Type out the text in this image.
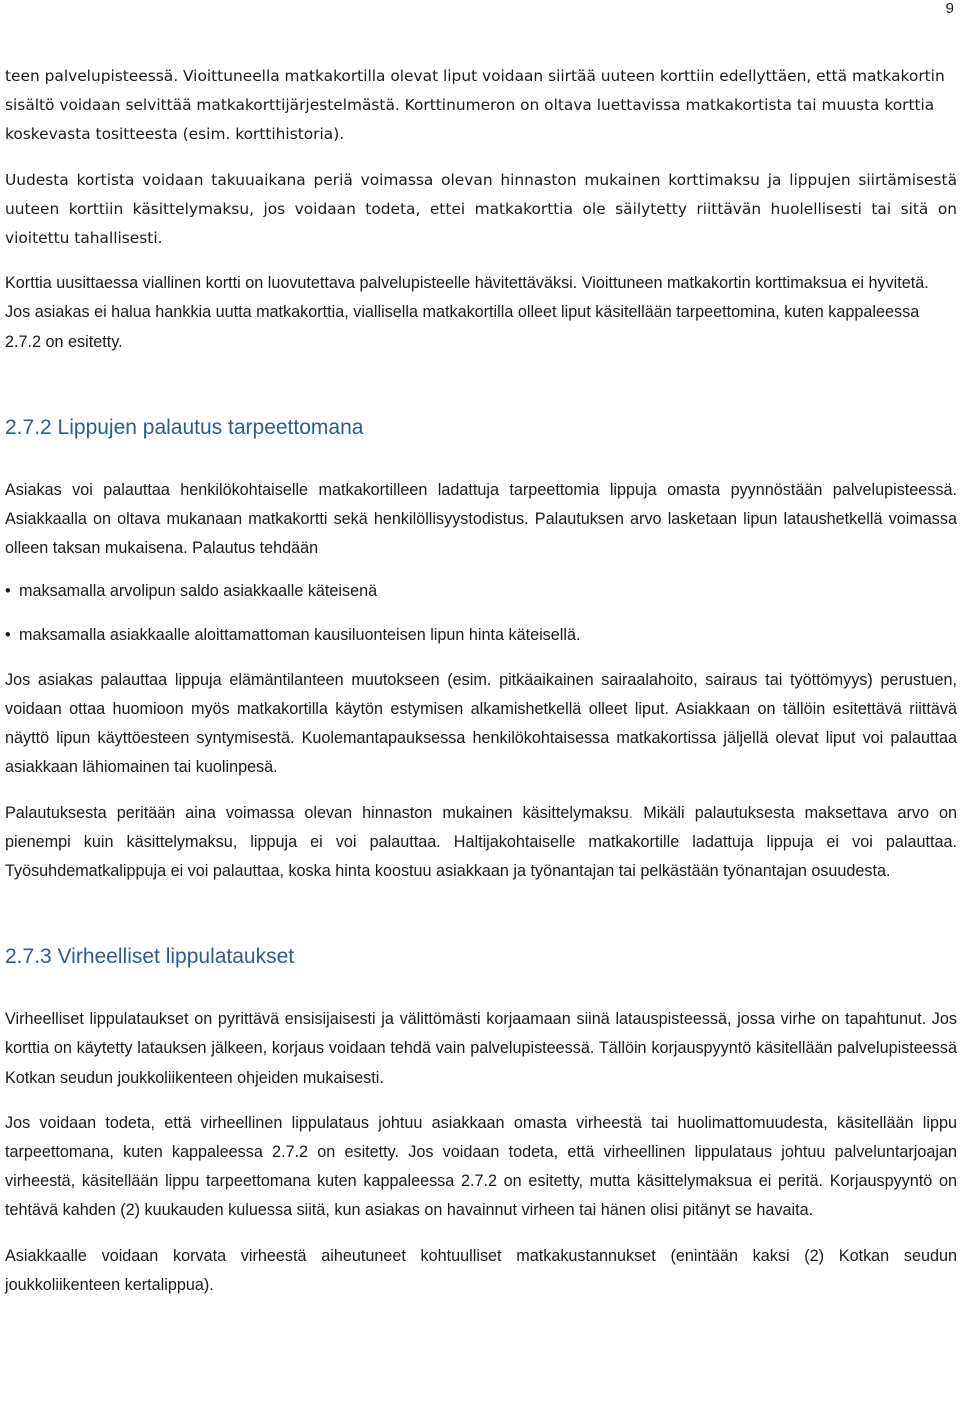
9

teen palvelupisteessä. Vioittuneella matkakortilla olevat liput voidaan siirtää uuteen korttiin edellyttäen, että matkakortin sisältö voidaan selvittää matkakorttijärjestelmästä. Korttinumeron on oltava luettavissa matkakortista tai muusta korttia koskevasta tositteesta (esim. korttihistoria).

Uudesta kortista voidaan takuuaikana periä voimassa olevan hinnaston mukainen korttimaksu ja lippujen siirtämisestä uuteen korttiin käsittelymaksu, jos voidaan todeta, ettei matkakorttia ole säilytetty riittävän huolellisesti tai sitä on vioitettu tahallisesti.

Korttia uusittaessa viallinen kortti on luovutettava palvelupisteelle hävitettäväksi. Vioittuneen matkakortin korttimaksua ei hyvitetä. Jos asiakas ei halua hankkia uutta matkakorttia, viallisella matkakortilla olleet liput käsitellään tarpeettomina, kuten kappaleessa 2.7.2 on esitetty.

2.7.2 Lippujen palautus tarpeettomana

Asiakas voi palauttaa henkilökohtaiselle matkakortilleen ladattuja tarpeettomia lippuja omasta pyynnöstään palvelupisteessä. Asiakkaalla on oltava mukanaan matkakortti sekä henkilöllisyystodistus. Palautuksen arvo lasketaan lipun lataushetkellä voimassa olleen taksan mukaisena. Palautus tehdään

• maksamalla arvolipun saldo asiakkaalle käteisenä
• maksamalla asiakkaalle aloittamattoman kausiluonteisen lipun hinta käteisellä.

Jos asiakas palauttaa lippuja elämäntilanteen muutokseen (esim. pitkäaikainen sairaalahoito, sairaus tai työttömyys) perustuen, voidaan ottaa huomioon myös matkakortilla käytön estymisen alkamishetkellä olleet liput. Asiakkaan on tällöin esitettävä riittävä näyttö lipun käyttöesteen syntymisestä. Kuolemantapauksessa henkilökohtaisessa matkakortissa jäljellä olevat liput voi palauttaa asiakkaan lähiomainen tai kuolinpesä.

Palautuksesta peritään aina voimassa olevan hinnaston mukainen käsittelymaksu. Mikäli palautuksesta maksettava arvo on pienempi kuin käsittelymaksu, lippuja ei voi palauttaa. Haltijakohtaiselle matkakortille ladattuja lippuja ei voi palauttaa. Työsuhdematkalippuja ei voi palauttaa, koska hinta koostuu asiakkaan ja työnantajan tai pelkästään työnantajan osuudesta.

2.7.3 Virheelliset lippulataukset

Virheelliset lippulataukset on pyrittävä ensisijaisesti ja välittömästi korjaamaan siinä latauspisteessä, jossa virhe on tapahtunut. Jos korttia on käytetty latauksen jälkeen, korjaus voidaan tehdä vain palvelupisteessä. Tällöin korjauspyyntö käsitellään palvelupisteessä Kotkan seudun joukkoliikenteen ohjeiden mukaisesti.

Jos voidaan todeta, että virheellinen lippulataus johtuu asiakkaan omasta virheestä tai huolimattomuudesta, käsitellään lippu tarpeettomana, kuten kappaleessa 2.7.2 on esitetty. Jos voidaan todeta, että virheellinen lippulataus johtuu palveluntarjoajan virheestä, käsitellään lippu tarpeettomana kuten kappaleessa 2.7.2 on esitetty, mutta käsittelymaksua ei peritä. Korjauspyyntö on tehtävä kahden (2) kuukauden kuluessa siitä, kun asiakas on havainnut virheen tai hänen olisi pitänyt se havaita.

Asiakkaalle voidaan korvata virheestä aiheutuneet kohtuulliset matkakustannukset (enintään kaksi (2) Kotkan seudun joukkoliikenteen kertalippua).
